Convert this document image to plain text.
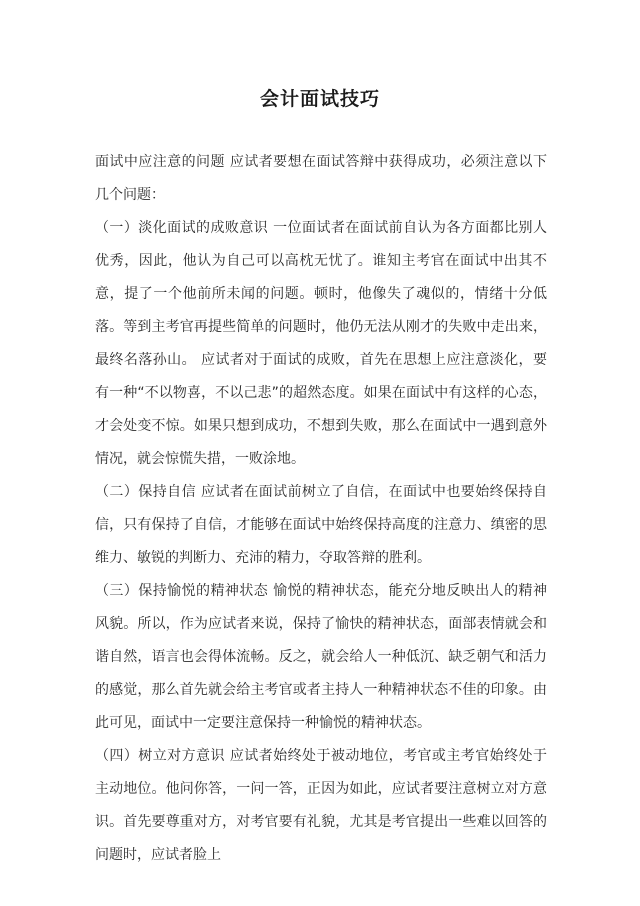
会计面试技巧

面试中应注意的问题 应试者要想在面试答辩中获得成功，必须注意以下几个问题：

（一）淡化面试的成败意识 一位面试者在面试前自认为各方面都比别人优秀，因此，他认为自己可以高枕无忧了。谁知主考官在面试中出其不意，提了一个他前所未闻的问题。顿时，他像失了魂似的，情绪十分低落。等到主考官再提些简单的问题时，他仍无法从刚才的失败中走出来，最终名落孙山。 应试者对于面试的成败，首先在思想上应注意淡化，要有一种“不以物喜，不以己悲”的超然态度。如果在面试中有这样的心态，才会处变不惊。如果只想到成功，不想到失败，那么在面试中一遇到意外情况，就会惊慌失措，一败涂地。

（二）保持自信 应试者在面试前树立了自信，在面试中也要始终保持自信，只有保持了自信，才能够在面试中始终保持高度的注意力、缜密的思维力、敏锐的判断力、充沛的精力，夺取答辩的胜利。

（三）保持愉悦的精神状态 愉悦的精神状态，能充分地反映出人的精神风貌。所以，作为应试者来说，保持了愉快的精神状态，面部表情就会和谐自然，语言也会得体流畅。反之，就会给人一种低沉、缺乏朝气和活力的感觉，那么首先就会给主考官或者主持人一种精神状态不佳的印象。由此可见，面试中一定要注意保持一种愉悦的精神状态。

（四）树立对方意识 应试者始终处于被动地位，考官或主考官始终处于主动地位。他问你答，一问一答，正因为如此，应试者要注意树立对方意识。首先要尊重对方，对考官要有礼貌，尤其是考官提出一些难以回答的问题时，应试者脸上
